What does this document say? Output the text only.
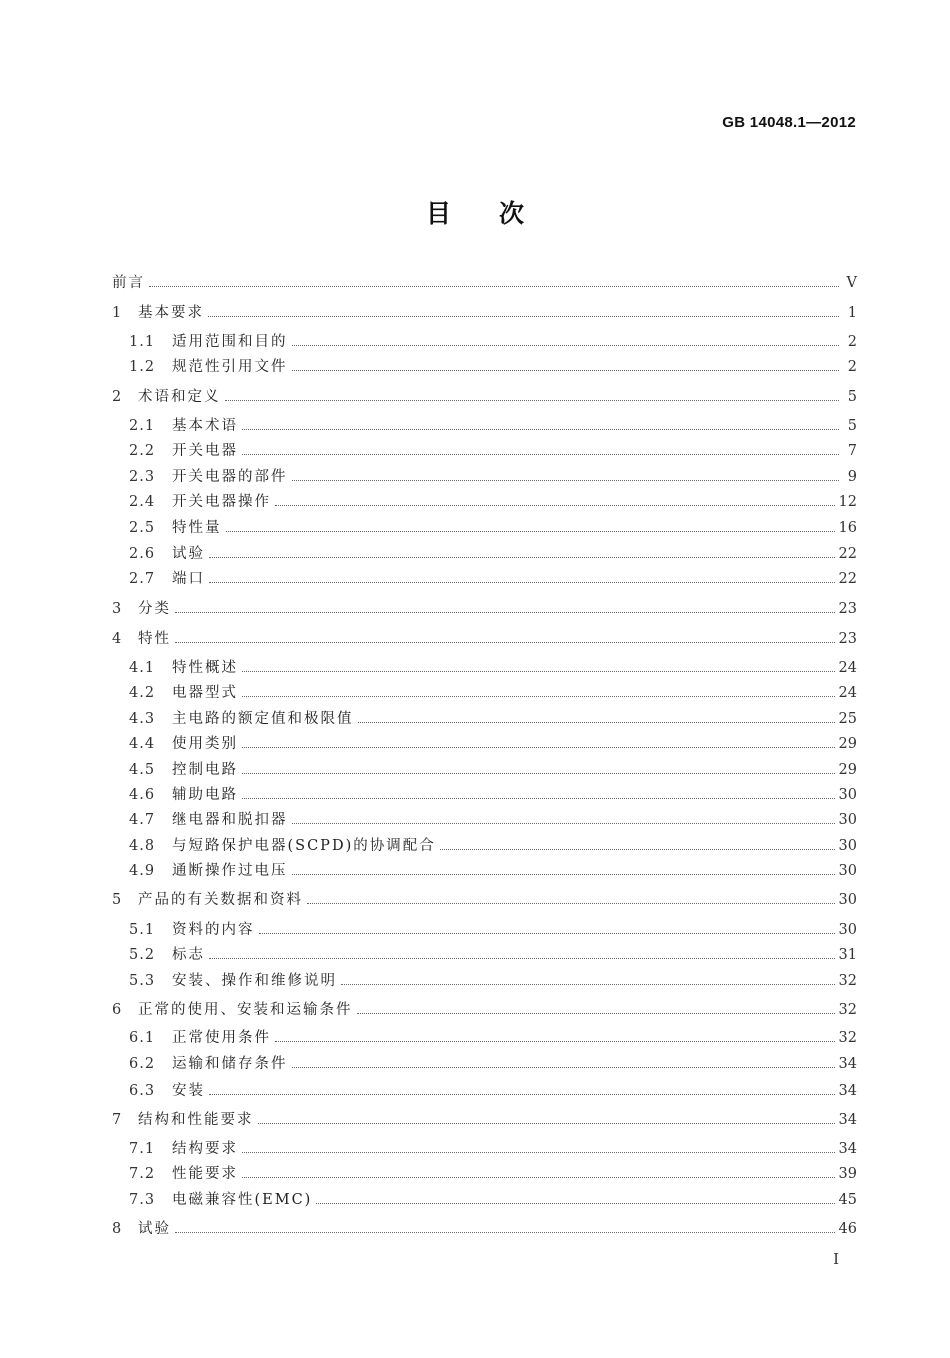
GB 14048.1—2012
目次
前言	V
1	基本要求	1
1.1	适用范围和目的	2
1.2	规范性引用文件	2
2	术语和定义	5
2.1	基本术语	5
2.2	开关电器	7
2.3	开关电器的部件	9
2.4	开关电器操作	12
2.5	特性量	16
2.6	试验	22
2.7	端口	22
3	分类	23
4	特性	23
4.1	特性概述	24
4.2	电器型式	24
4.3	主电路的额定值和极限值	25
4.4	使用类别	29
4.5	控制电路	29
4.6	辅助电路	30
4.7	继电器和脱扣器	30
4.8	与短路保护电器(SCPD)的协调配合	30
4.9	通断操作过电压	30
5	产品的有关数据和资料	30
5.1	资料的内容	30
5.2	标志	31
5.3	安装、操作和维修说明	32
6	正常的使用、安装和运输条件	32
6.1	正常使用条件	32
6.2	运输和储存条件	34
6.3	安装	34
7	结构和性能要求	34
7.1	结构要求	34
7.2	性能要求	39
7.3	电磁兼容性(EMC)	45
8	试验	46
I
